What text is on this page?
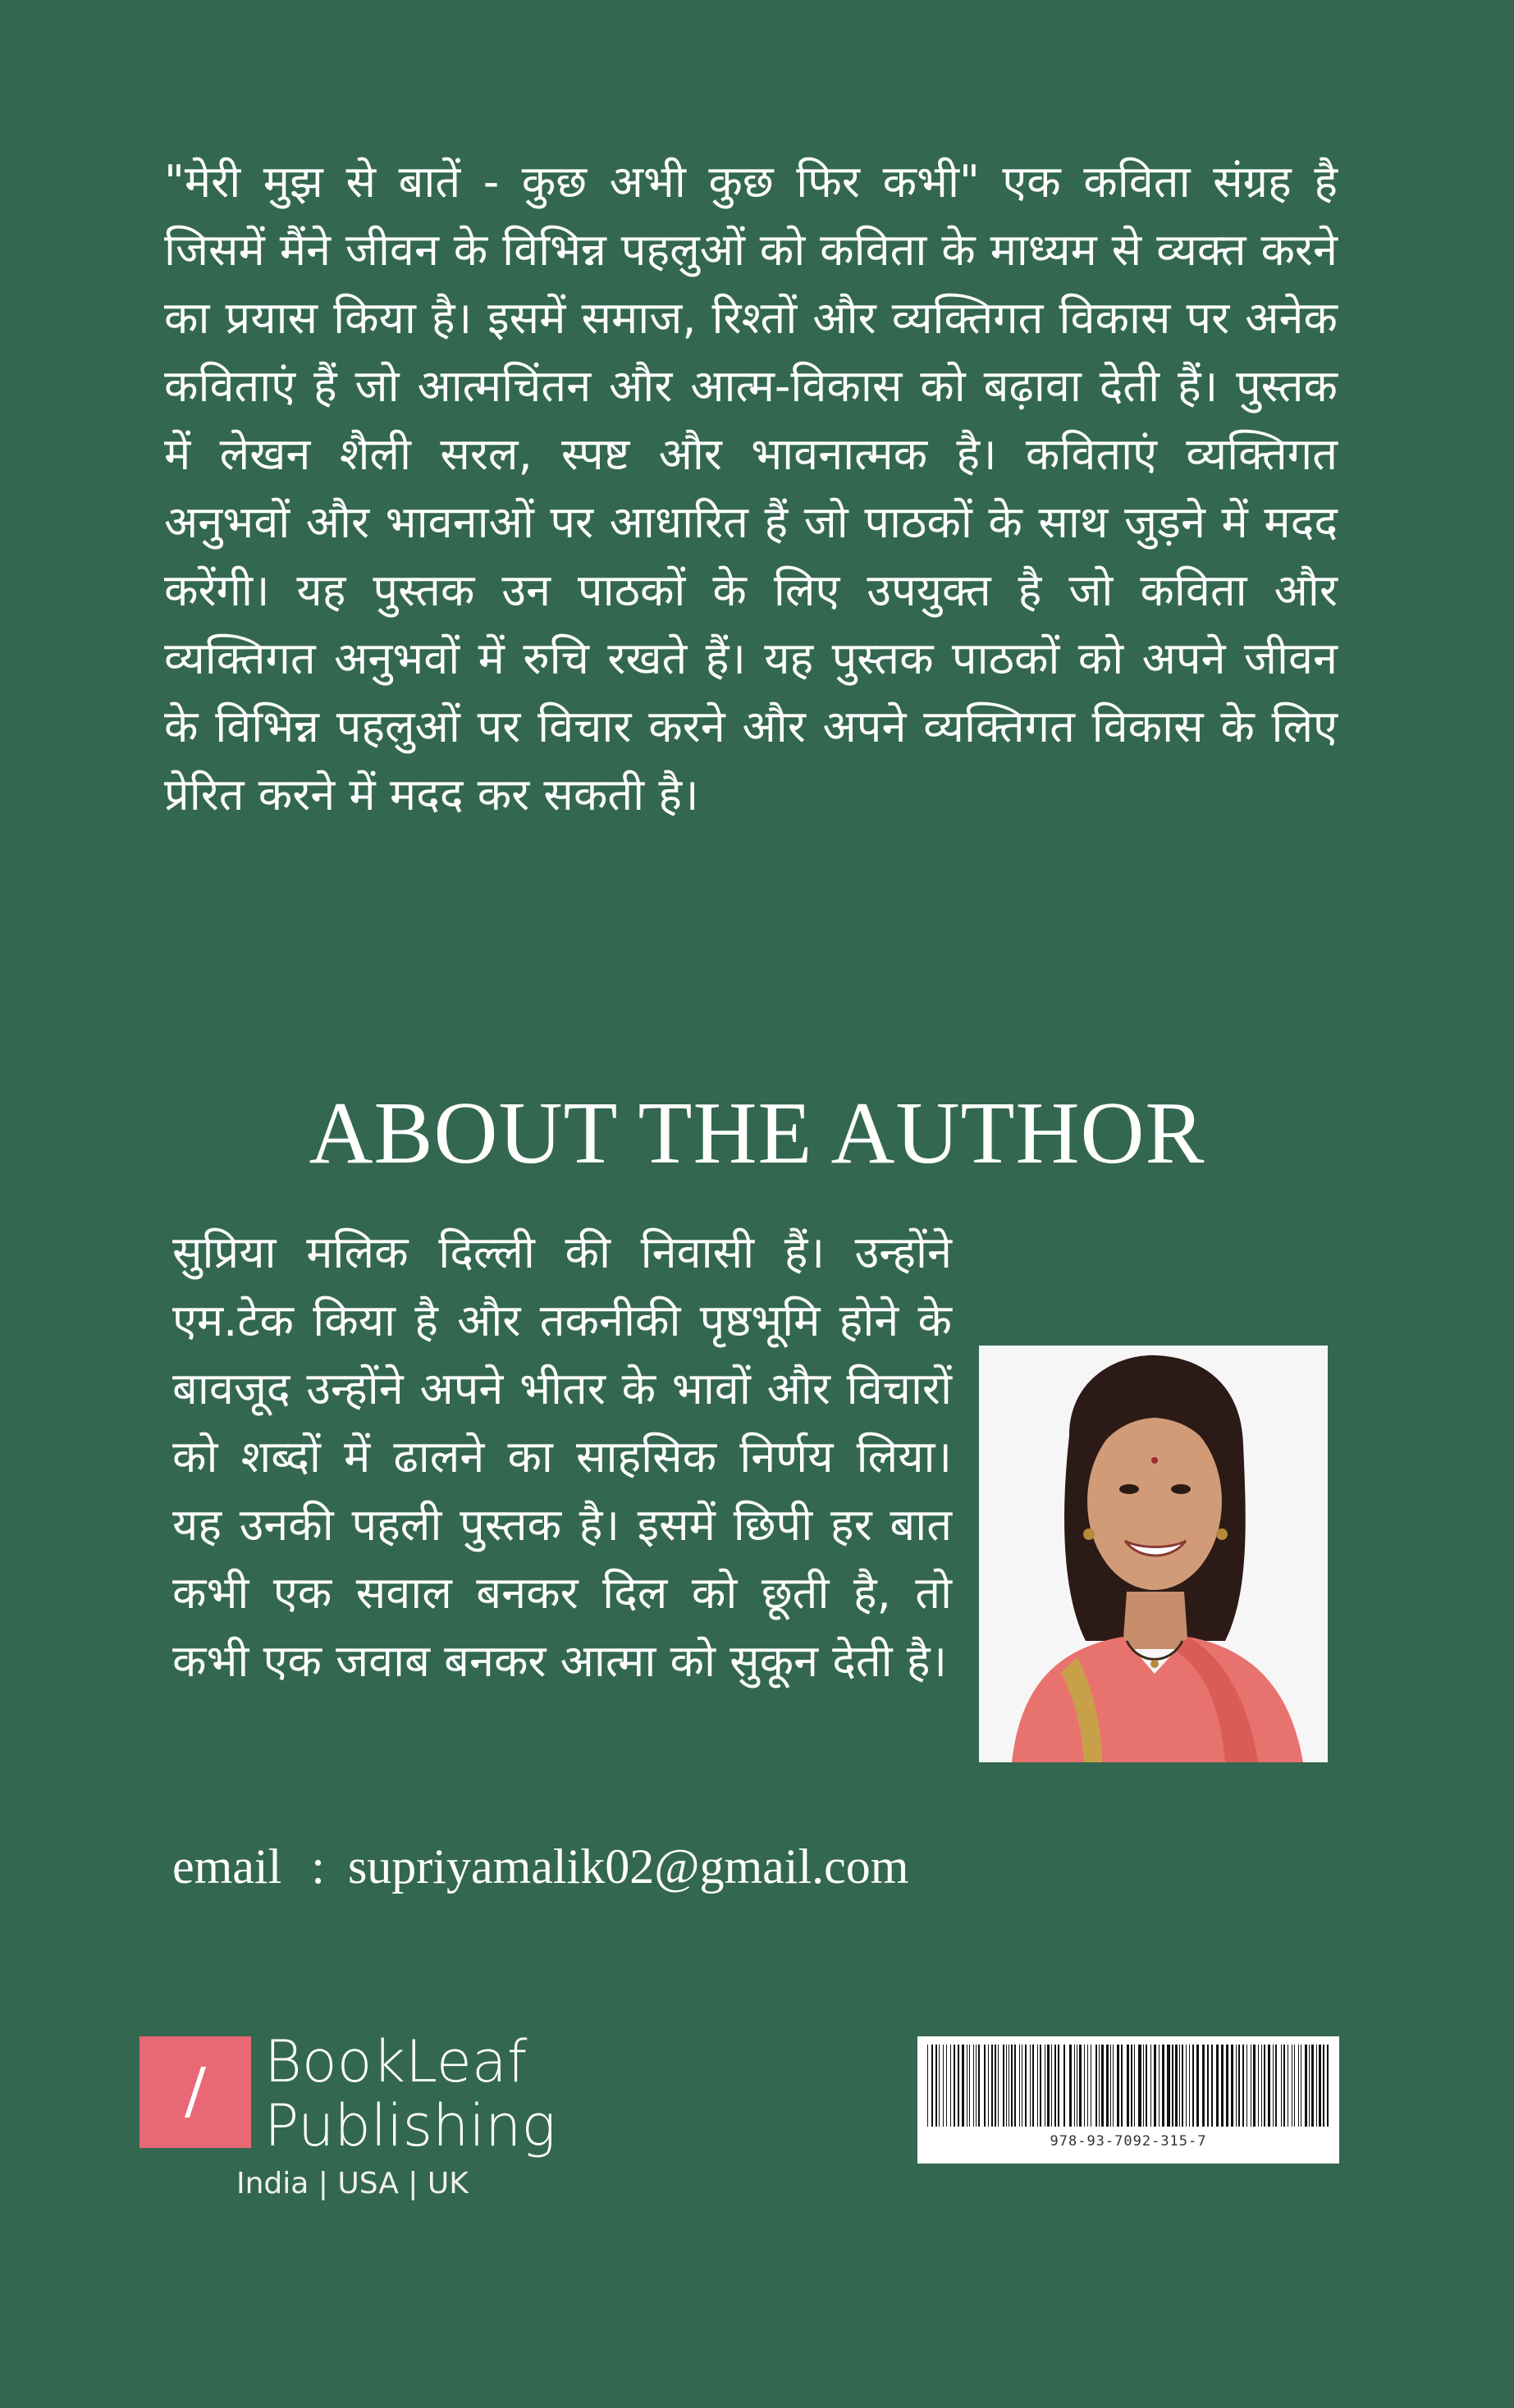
"मेरी मुझ से बातें - कुछ अभी कुछ फिर कभी" एक कविता संग्रह है जिसमें मैंने जीवन के विभिन्न पहलुओं को कविता के माध्यम से व्यक्त करने का प्रयास किया है। इसमें समाज, रिश्तों और व्यक्तिगत विकास पर अनेक कविताएं हैं जो आत्मचिंतन और आत्म-विकास को बढ़ावा देती हैं। पुस्तक में लेखन शैली सरल, स्पष्ट और भावनात्मक है। कविताएं व्यक्तिगत अनुभवों और भावनाओं पर आधारित हैं जो पाठकों के साथ जुड़ने में मदद करेंगी। यह पुस्तक उन पाठकों के लिए उपयुक्त है जो कविता और व्यक्तिगत अनुभवों में रुचि रखते हैं। यह पुस्तक पाठकों को अपने जीवन के विभिन्न पहलुओं पर विचार करने और अपने व्यक्तिगत विकास के लिए प्रेरित करने में मदद कर सकती है।

ABOUT THE AUTHOR

सुप्रिया मलिक दिल्ली की निवासी हैं। उन्होंने एम.टेक किया है और तकनीकी पृष्ठभूमि होने के बावजूद उन्होंने अपने भीतर के भावों और विचारों को शब्दों में ढालने का साहसिक निर्णय लिया। यह उनकी पहली पुस्तक है। इसमें छिपी हर बात कभी एक सवाल बनकर दिल को छूती है, तो कभी एक जवाब बनकर आत्मा को सुकून देती है।

email : supriyamalik02@gmail.com
BookLeaf
Publishing
India | USA | UK
978-93-7092-315-7
